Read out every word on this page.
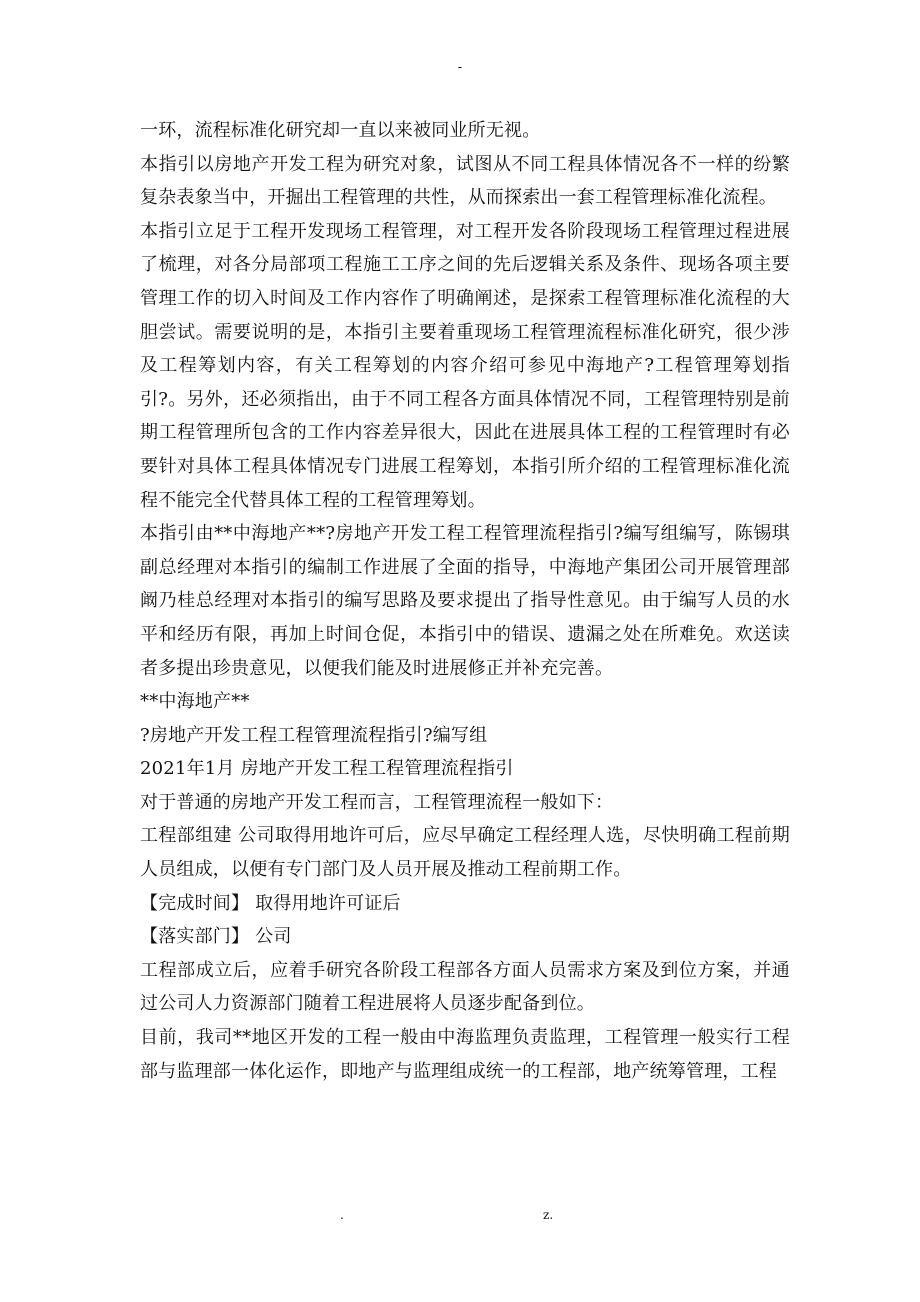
-

一环，流程标准化研究却一直以来被同业所无视。

本指引以房地产开发工程为研究对象，试图从不同工程具体情况各不一样的纷繁复杂表象当中，开掘出工程管理的共性，从而探索出一套工程管理标准化流程。

本指引立足于工程开发现场工程管理，对工程开发各阶段现场工程管理过程进展了梳理，对各分局部项工程施工工序之间的先后逻辑关系及条件、现场各项主要管理工作的切入时间及工作内容作了明确阐述，是探索工程管理标准化流程的大胆尝试。需要说明的是，本指引主要着重现场工程管理流程标准化研究，很少涉及工程筹划内容，有关工程筹划的内容介绍可参见中海地产?工程管理筹划指引?。另外，还必须指出，由于不同工程各方面具体情况不同，工程管理特别是前期工程管理所包含的工作内容差异很大，因此在进展具体工程的工程管理时有必要针对具体工程具体情况专门进展工程筹划，本指引所介绍的工程管理标准化流程不能完全代替具体工程的工程管理筹划。

本指引由**中海地产**?房地产开发工程工程管理流程指引?编写组编写，陈锡琪副总经理对本指引的编制工作进展了全面的指导，中海地产集团公司开展管理部阚乃桂总经理对本指引的编写思路及要求提出了指导性意见。由于编写人员的水平和经历有限，再加上时间仓促，本指引中的错误、遗漏之处在所难免。欢送读者多提出珍贵意见，以便我们能及时进展修正并补充完善。

**中海地产**

?房地产开发工程工程管理流程指引?编写组

2021年1月 房地产开发工程工程管理流程指引

对于普通的房地产开发工程而言，工程管理流程一般如下：

工程部组建 公司取得用地许可后，应尽早确定工程经理人选，尽快明确工程前期人员组成，以便有专门部门及人员开展及推动工程前期工作。

【完成时间】 取得用地许可证后

【落实部门】 公司

工程部成立后，应着手研究各阶段工程部各方面人员需求方案及到位方案，并通过公司人力资源部门随着工程进展将人员逐步配备到位。

目前，我司**地区开发的工程一般由中海监理负责监理，工程管理一般实行工程部与监理部一体化运作，即地产与监理组成统一的工程部，地产统筹管理，工程

.	z.
